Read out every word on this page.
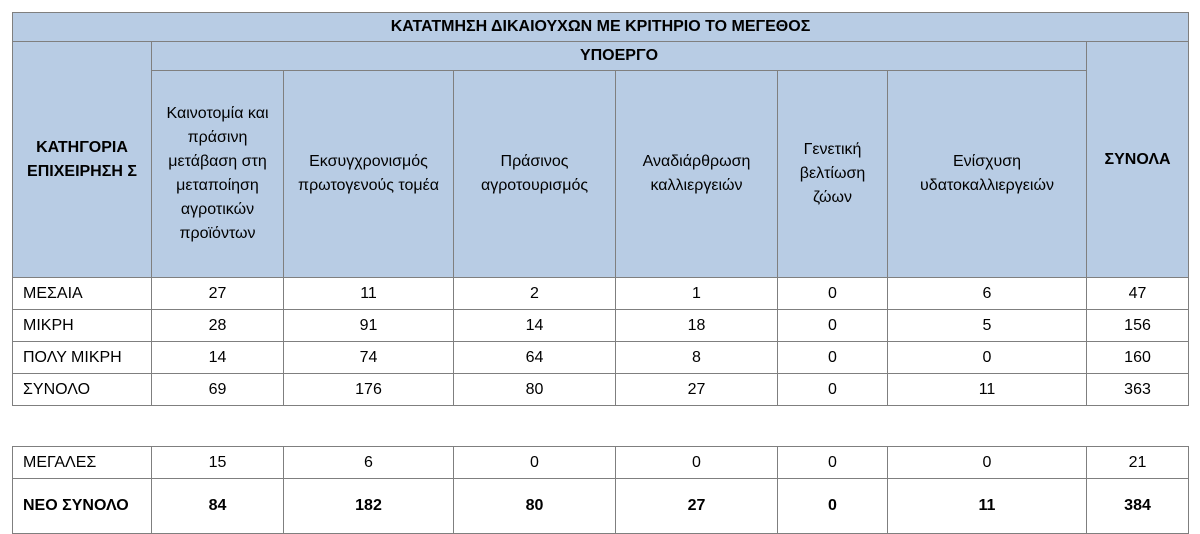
ΚΑΤΑΤΜΗΣΗ ΔΙΚΑΙΟΥΧΩΝ ΜΕ ΚΡΙΤΗΡΙΟ ΤΟ ΜΕΓΕΘΟΣ							
ΚΑΤΗΓΟΡΙΑ ΕΠΙΧΕΙΡΗΣΗ Σ	ΥΠΟΕΡΓΟ						ΣΥΝΟΛΑ
	Καινοτομία και πράσινη μετάβαση στη μεταποίηση αγροτικών προϊόντων	Εκσυγχρονισμός πρωτογενούς τομέα	Πράσινος αγροτουρισμός	Αναδιάρθρωση καλλιεργειών	Γενετική βελτίωση ζώων	Ενίσχυση υδατοκαλλιεργειών	
ΜΕΣΑΙΑ	27	11	2	1	0	6	47
ΜΙΚΡΗ	28	91	14	18	0	5	156
ΠΟΛΥ ΜΙΚΡΗ	14	74	64	8	0	0	160
ΣΥΝΟΛΟ	69	176	80	27	0	11	363

ΜΕΓΑΛΕΣ	15	6	0	0	0	0	21
ΝΕΟ ΣΥΝΟΛΟ	84	182	80	27	0	11	384
